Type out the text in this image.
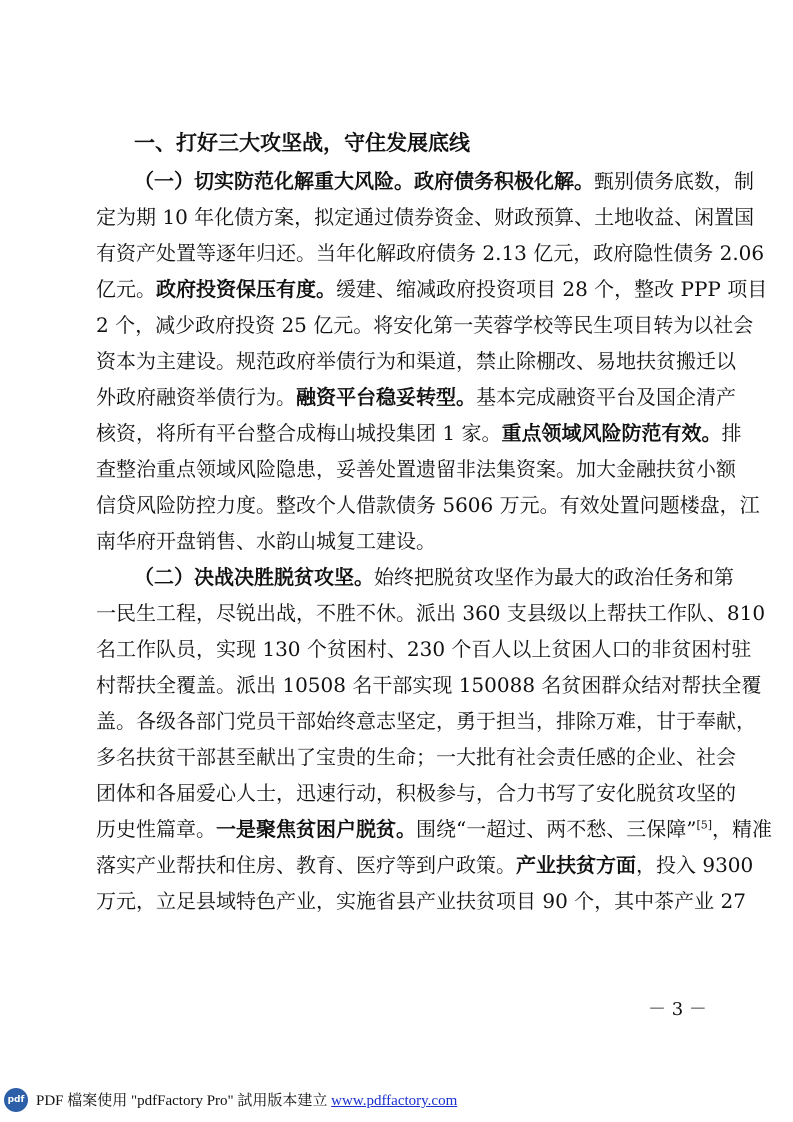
一、打好三大攻坚战，守住发展底线
（一）切实防范化解重大风险。政府债务积极化解。甄别债务底数，制
定为期 10 年化债方案，拟定通过债券资金、财政预算、土地收益、闲置国
有资产处置等逐年归还。当年化解政府债务 2.13 亿元，政府隐性债务 2.06
亿元。政府投资保压有度。缓建、缩减政府投资项目 28 个，整改 PPP 项目
2 个，减少政府投资 25 亿元。将安化第一芙蓉学校等民生项目转为以社会
资本为主建设。规范政府举债行为和渠道，禁止除棚改、易地扶贫搬迁以
外政府融资举债行为。融资平台稳妥转型。基本完成融资平台及国企清产
核资，将所有平台整合成梅山城投集团 1 家。重点领域风险防范有效。排
查整治重点领域风险隐患，妥善处置遗留非法集资案。加大金融扶贫小额
信贷风险防控力度。整改个人借款债务 5606 万元。有效处置问题楼盘，江
南华府开盘销售、水韵山城复工建设。
（二）决战决胜脱贫攻坚。始终把脱贫攻坚作为最大的政治任务和第
一民生工程，尽锐出战，不胜不休。派出 360 支县级以上帮扶工作队、810
名工作队员，实现 130 个贫困村、230 个百人以上贫困人口的非贫困村驻
村帮扶全覆盖。派出 10508 名干部实现 150088 名贫困群众结对帮扶全覆
盖。各级各部门党员干部始终意志坚定，勇于担当，排除万难，甘于奉献，
多名扶贫干部甚至献出了宝贵的生命；一大批有社会责任感的企业、社会
团体和各届爱心人士，迅速行动，积极参与，合力书写了安化脱贫攻坚的
历史性篇章。一是聚焦贫困户脱贫。围绕“一超过、两不愁、三保障”[5]，精准
落实产业帮扶和住房、教育、医疗等到户政策。产业扶贫方面，投入 9300
万元，立足县域特色产业，实施省县产业扶贫项目 90 个，其中茶产业 27
－ 3 －
pdf PDF 檔案使用 "pdfFactory Pro" 試用版本建立 www.pdffactory.com
